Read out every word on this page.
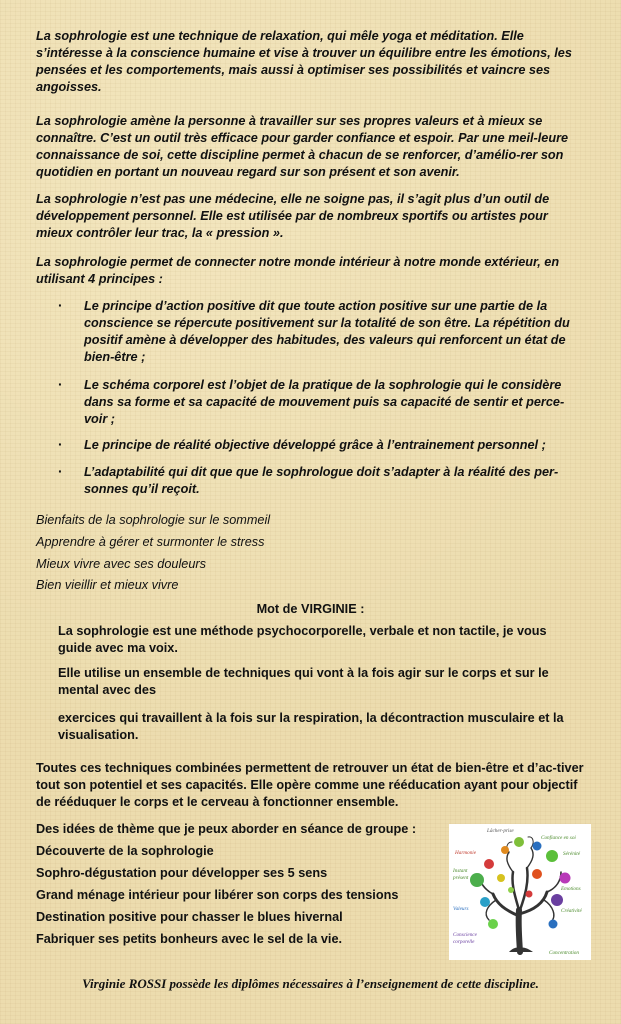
La sophrologie est une technique de relaxation, qui mêle yoga et méditation. Elle s’intéresse à la conscience humaine et vise à trouver un équilibre entre les émotions, les pensées et les comportements, mais aussi à optimiser ses possibilités et vaincre ses angoisses.

La sophrologie amène la personne à travailler sur ses propres valeurs et à mieux se connaître. C’est un outil très efficace pour garder confiance et espoir. Par une meil-leure connaissance de soi, cette discipline permet à chacun de se renforcer, d’amélio-rer son quotidien en portant un nouveau regard sur son présent et son avenir.

La sophrologie n’est pas une médecine, elle ne soigne pas, il s’agit plus d’un outil de développement personnel. Elle est utilisée par de nombreux sportifs ou artistes pour mieux contrôler leur trac, la « pression ».

La sophrologie permet de connecter notre monde intérieur à notre monde extérieur, en utilisant 4 principes :

· Le principe d’action positive dit que toute action positive sur une partie de la conscience se répercute positivement sur la totalité de son être. La répétition du positif amène à développer des habitudes, des valeurs qui renforcent un état de bien-être ;

· Le schéma corporel est l’objet de la pratique de la sophrologie qui le considère dans sa forme et sa capacité de mouvement puis sa capacité de sentir et perce-voir ;

· Le principe de réalité objective développé grâce à l’entrainement personnel ;

· L’adaptabilité qui dit que que le sophrologue doit s’adapter à la réalité des per-sonnes qu’il reçoit.

Bienfaits de la sophrologie sur le sommeil

Apprendre à gérer et surmonter le stress

Mieux vivre avec ses douleurs

Bien vieillir et mieux vivre

Mot de VIRGINIE :

La sophrologie est une méthode psychocorporelle, verbale et non tactile, je vous guide avec ma voix.

Elle utilise un ensemble de techniques qui vont à la fois agir sur le corps et sur le mental avec des

exercices qui travaillent à la fois sur la respiration, la décontraction musculaire et la visualisation.

Toutes ces techniques combinées permettent de retrouver un état de bien-être et d’ac-tiver tout son potentiel et ses capacités. Elle opère comme une rééducation ayant pour objectif de rééduquer le corps et le cerveau à fonctionner ensemble.

Des idées de thème que je peux aborder en séance de groupe :

Découverte de la sophrologie

Sophro-dégustation pour développer ses 5 sens

Grand ménage intérieur pour libérer son corps des tensions

Destination positive pour chasser le blues hivernal

Fabriquer ses petits bonheurs avec le sel de la vie.

Lâcher-prise
Confiance en soi
Harmonie	Sérénité
Emotions
Instant
présent
Valeurs	Créativité
Conscience
corporelle
Concentration

Virginie ROSSI possède les diplômes nécessaires à l’enseignement de cette discipline.
